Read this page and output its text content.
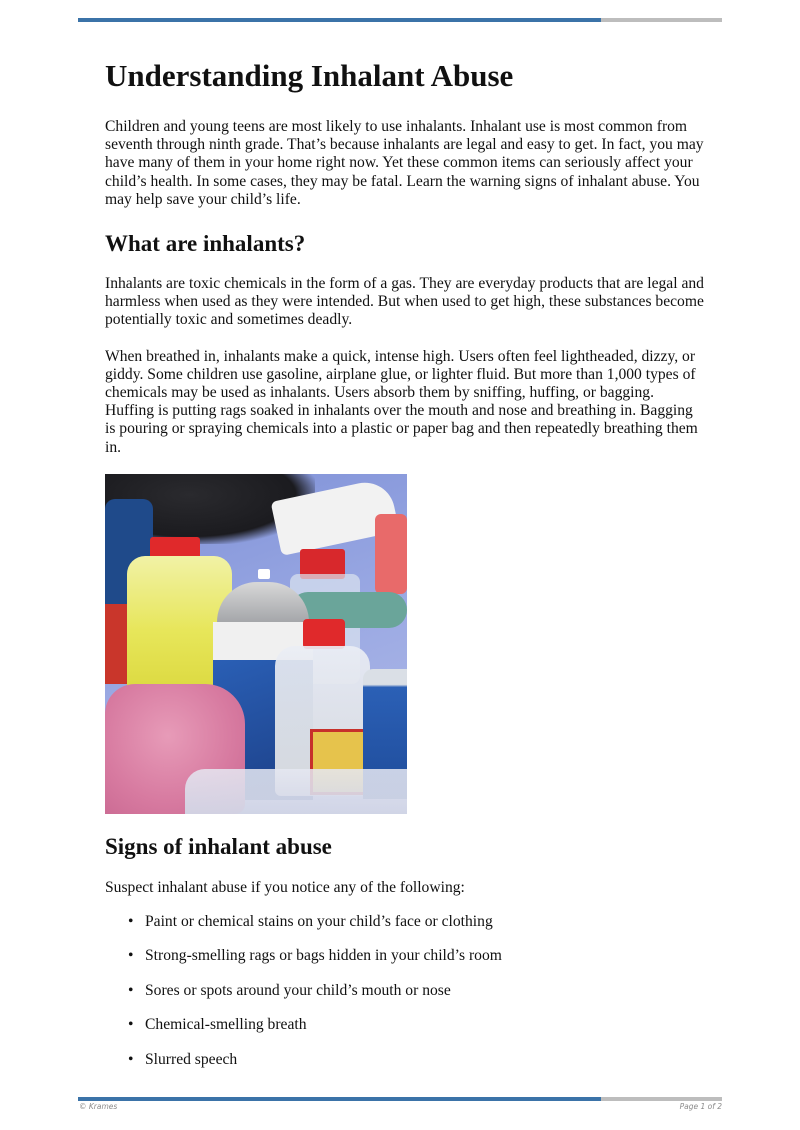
Understanding Inhalant Abuse

Children and young teens are most likely to use inhalants. Inhalant use is most common from seventh through ninth grade. That’s because inhalants are legal and easy to get. In fact, you may have many of them in your home right now. Yet these common items can seriously affect your child’s health. In some cases, they may be fatal. Learn the warning signs of inhalant abuse. You may help save your child’s life.

What are inhalants?

Inhalants are toxic chemicals in the form of a gas. They are everyday products that are legal and harmless when used as they were intended. But when used to get high, these substances become potentially toxic and sometimes deadly.

When breathed in, inhalants make a quick, intense high. Users often feel lightheaded, dizzy, or giddy. Some children use gasoline, airplane glue, or lighter fluid. But more than 1,000 types of chemicals may be used as inhalants. Users absorb them by sniffing, huffing, or bagging. Huffing is putting rags soaked in inhalants over the mouth and nose and breathing in. Bagging is pouring or spraying chemicals into a plastic or paper bag and then repeatedly breathing them in.

Signs of inhalant abuse

Suspect inhalant abuse if you notice any of the following:

• Paint or chemical stains on your child’s face or clothing
• Strong-smelling rags or bags hidden in your child’s room
• Sores or spots around your child’s mouth or nose
• Chemical-smelling breath
• Slurred speech
© Krames	Page 1 of 2
